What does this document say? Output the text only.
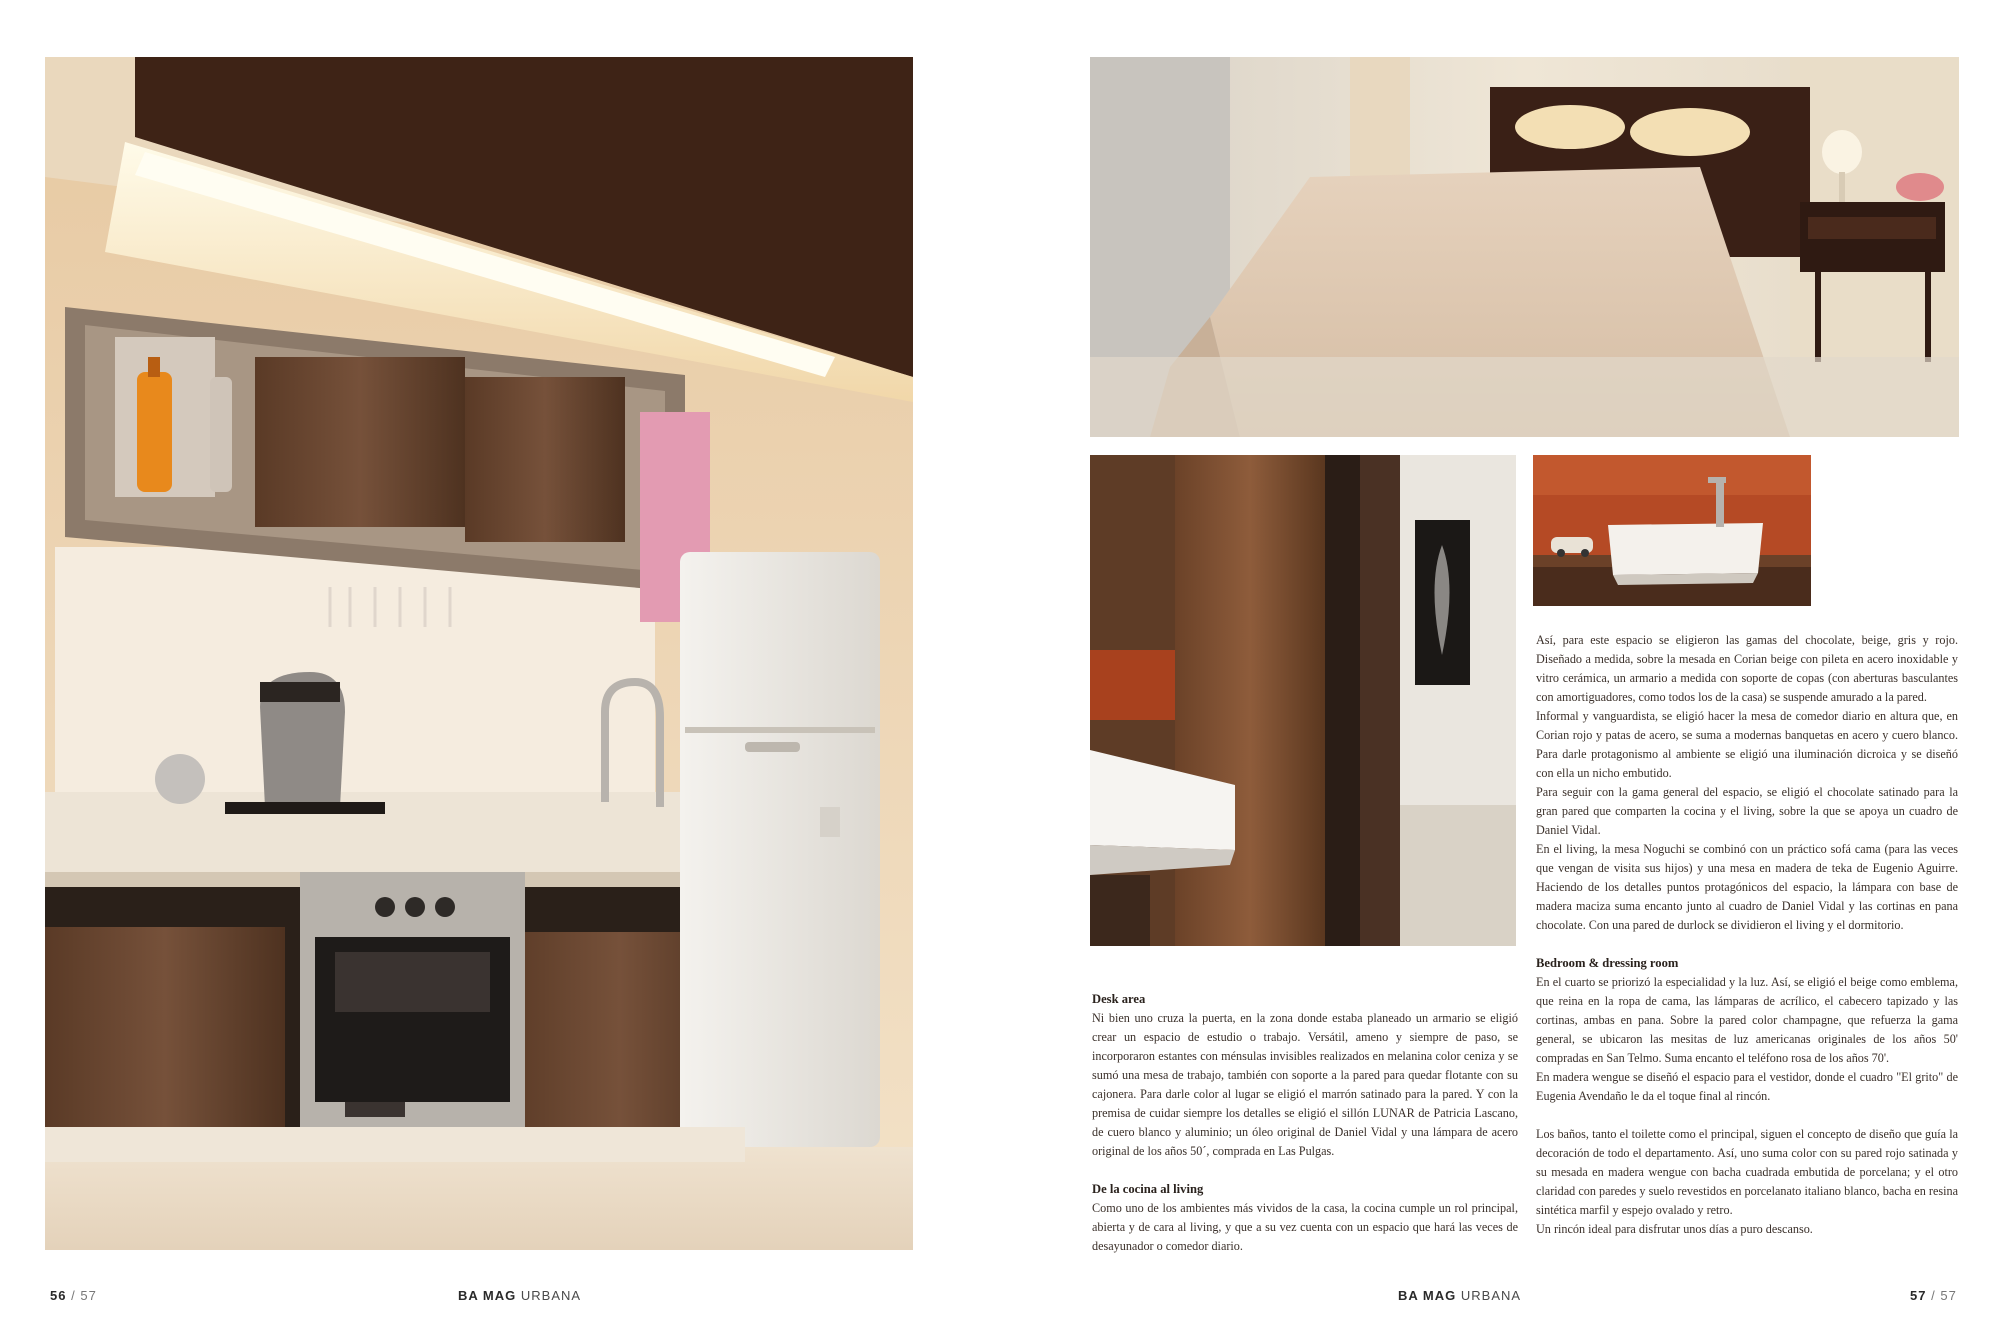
Desk area

Ni bien uno cruza la puerta, en la zona donde estaba planeado un armario se eligió crear un espacio de estudio o trabajo. Versátil, ameno y siempre de paso, se incorporaron estantes con ménsulas invisibles realizados en melanina color ceniza y se sumó una mesa de trabajo, también con soporte a la pared para quedar flotante con su cajonera. Para darle color al lugar se eligió el marrón satinado para la pared. Y con la premisa de cuidar siempre los detalles se eligió el sillón LUNAR de Patricia Lascano, de cuero blanco y aluminio; un óleo original de Daniel Vidal y una lámpara de acero original de los años 50´, comprada en Las Pulgas.

De la cocina al living

Como uno de los ambientes más vividos de la casa, la cocina cumple un rol principal, abierta y de cara al living, y que a su vez cuenta con un espacio que hará las veces de desayunador o comedor diario.

Así, para este espacio se eligieron las gamas del chocolate, beige, gris y rojo. Diseñado a medida, sobre la mesada en Corian beige con pileta en acero inoxidable y vitro cerámica, un armario a medida con soporte de copas (con aberturas basculantes con amortiguadores, como todos los de la casa) se suspende amurado a la pared.

Informal y vanguardista, se eligió hacer la mesa de comedor diario en altura que, en Corian rojo y patas de acero, se suma a modernas banquetas en acero y cuero blanco. Para darle protagonismo al ambiente se eligió una iluminación dicroica y se diseñó con ella un nicho embutido.

Para seguir con la gama general del espacio, se eligió el chocolate satinado para la gran pared que comparten la cocina y el living, sobre la que se apoya un cuadro de Daniel Vidal.

En el living, la mesa Noguchi se combinó con un práctico sofá cama (para las veces que vengan de visita sus hijos) y una mesa en madera de teka de Eugenio Aguirre. Haciendo de los detalles puntos protagónicos del espacio, la lámpara con base de madera maciza suma encanto junto al cuadro de Daniel Vidal y las cortinas en pana chocolate. Con una pared de durlock se dividieron el living y el dormitorio.

Bedroom & dressing room

En el cuarto se priorizó la especialidad y la luz. Así, se eligió el beige como emblema, que reina en la ropa de cama, las lámparas de acrílico, el cabecero tapizado y las cortinas, ambas en pana. Sobre la pared color champagne, que refuerza la gama general, se ubicaron las mesitas de luz americanas originales de los años 50' compradas en San Telmo. Suma encanto el teléfono rosa de los años 70'.

En madera wengue se diseñó el espacio para el vestidor, donde el cuadro "El grito" de Eugenia Avendaño le da el toque final al rincón.

Los baños, tanto el toilette como el principal, siguen el concepto de diseño que guía la decoración de todo el departamento. Así, uno suma color con su pared rojo satinada y su mesada en madera wengue con bacha cuadrada embutida de porcelana; y el otro claridad con paredes y suelo revestidos en porcelanato italiano blanco, bacha en resina sintética marfil y espejo ovalado y retro.

Un rincón ideal para disfrutar unos días a puro descanso.

56 / 57	BA MAG URBANA	BA MAG URBANA	57 / 57
